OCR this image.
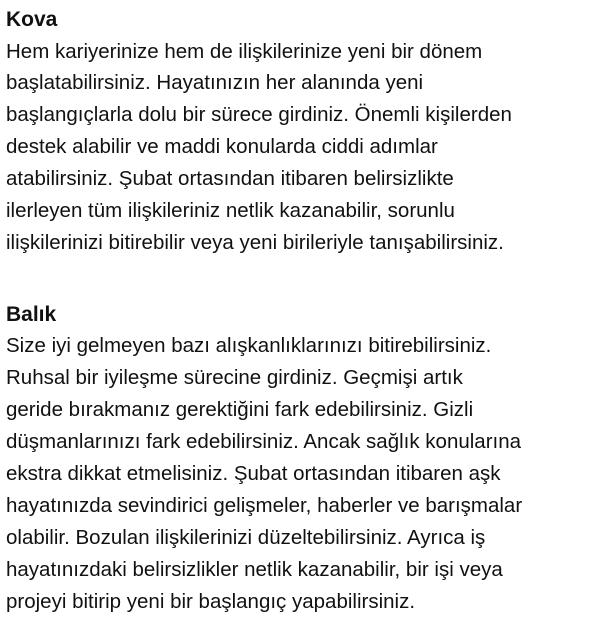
Kova
Hem kariyerinize hem de ilişkilerinize yeni bir dönem
başlatabilirsiniz. Hayatınızın her alanında yeni
başlangıçlarla dolu bir sürece girdiniz. Önemli kişilerden
destek alabilir ve maddi konularda ciddi adımlar
atabilirsiniz. Şubat ortasından itibaren belirsizlikte
ilerleyen tüm ilişkileriniz netlik kazanabilir, sorunlu
ilişkilerinizi bitirebilir veya yeni birileriyle tanışabilirsiniz.
Balık
Size iyi gelmeyen bazı alışkanlıklarınızı bitirebilirsiniz.
Ruhsal bir iyileşme sürecine girdiniz. Geçmişi artık
geride bırakmanız gerektiğini fark edebilirsiniz. Gizli
düşmanlarınızı fark edebilirsiniz. Ancak sağlık konularına
ekstra dikkat etmelisiniz. Şubat ortasından itibaren aşk
hayatınızda sevindirici gelişmeler, haberler ve barışmalar
olabilir. Bozulan ilişkilerinizi düzeltebilirsiniz. Ayrıca iş
hayatınızdaki belirsizlikler netlik kazanabilir, bir işi veya
projeyi bitirip yeni bir başlangıç yapabilirsiniz.
